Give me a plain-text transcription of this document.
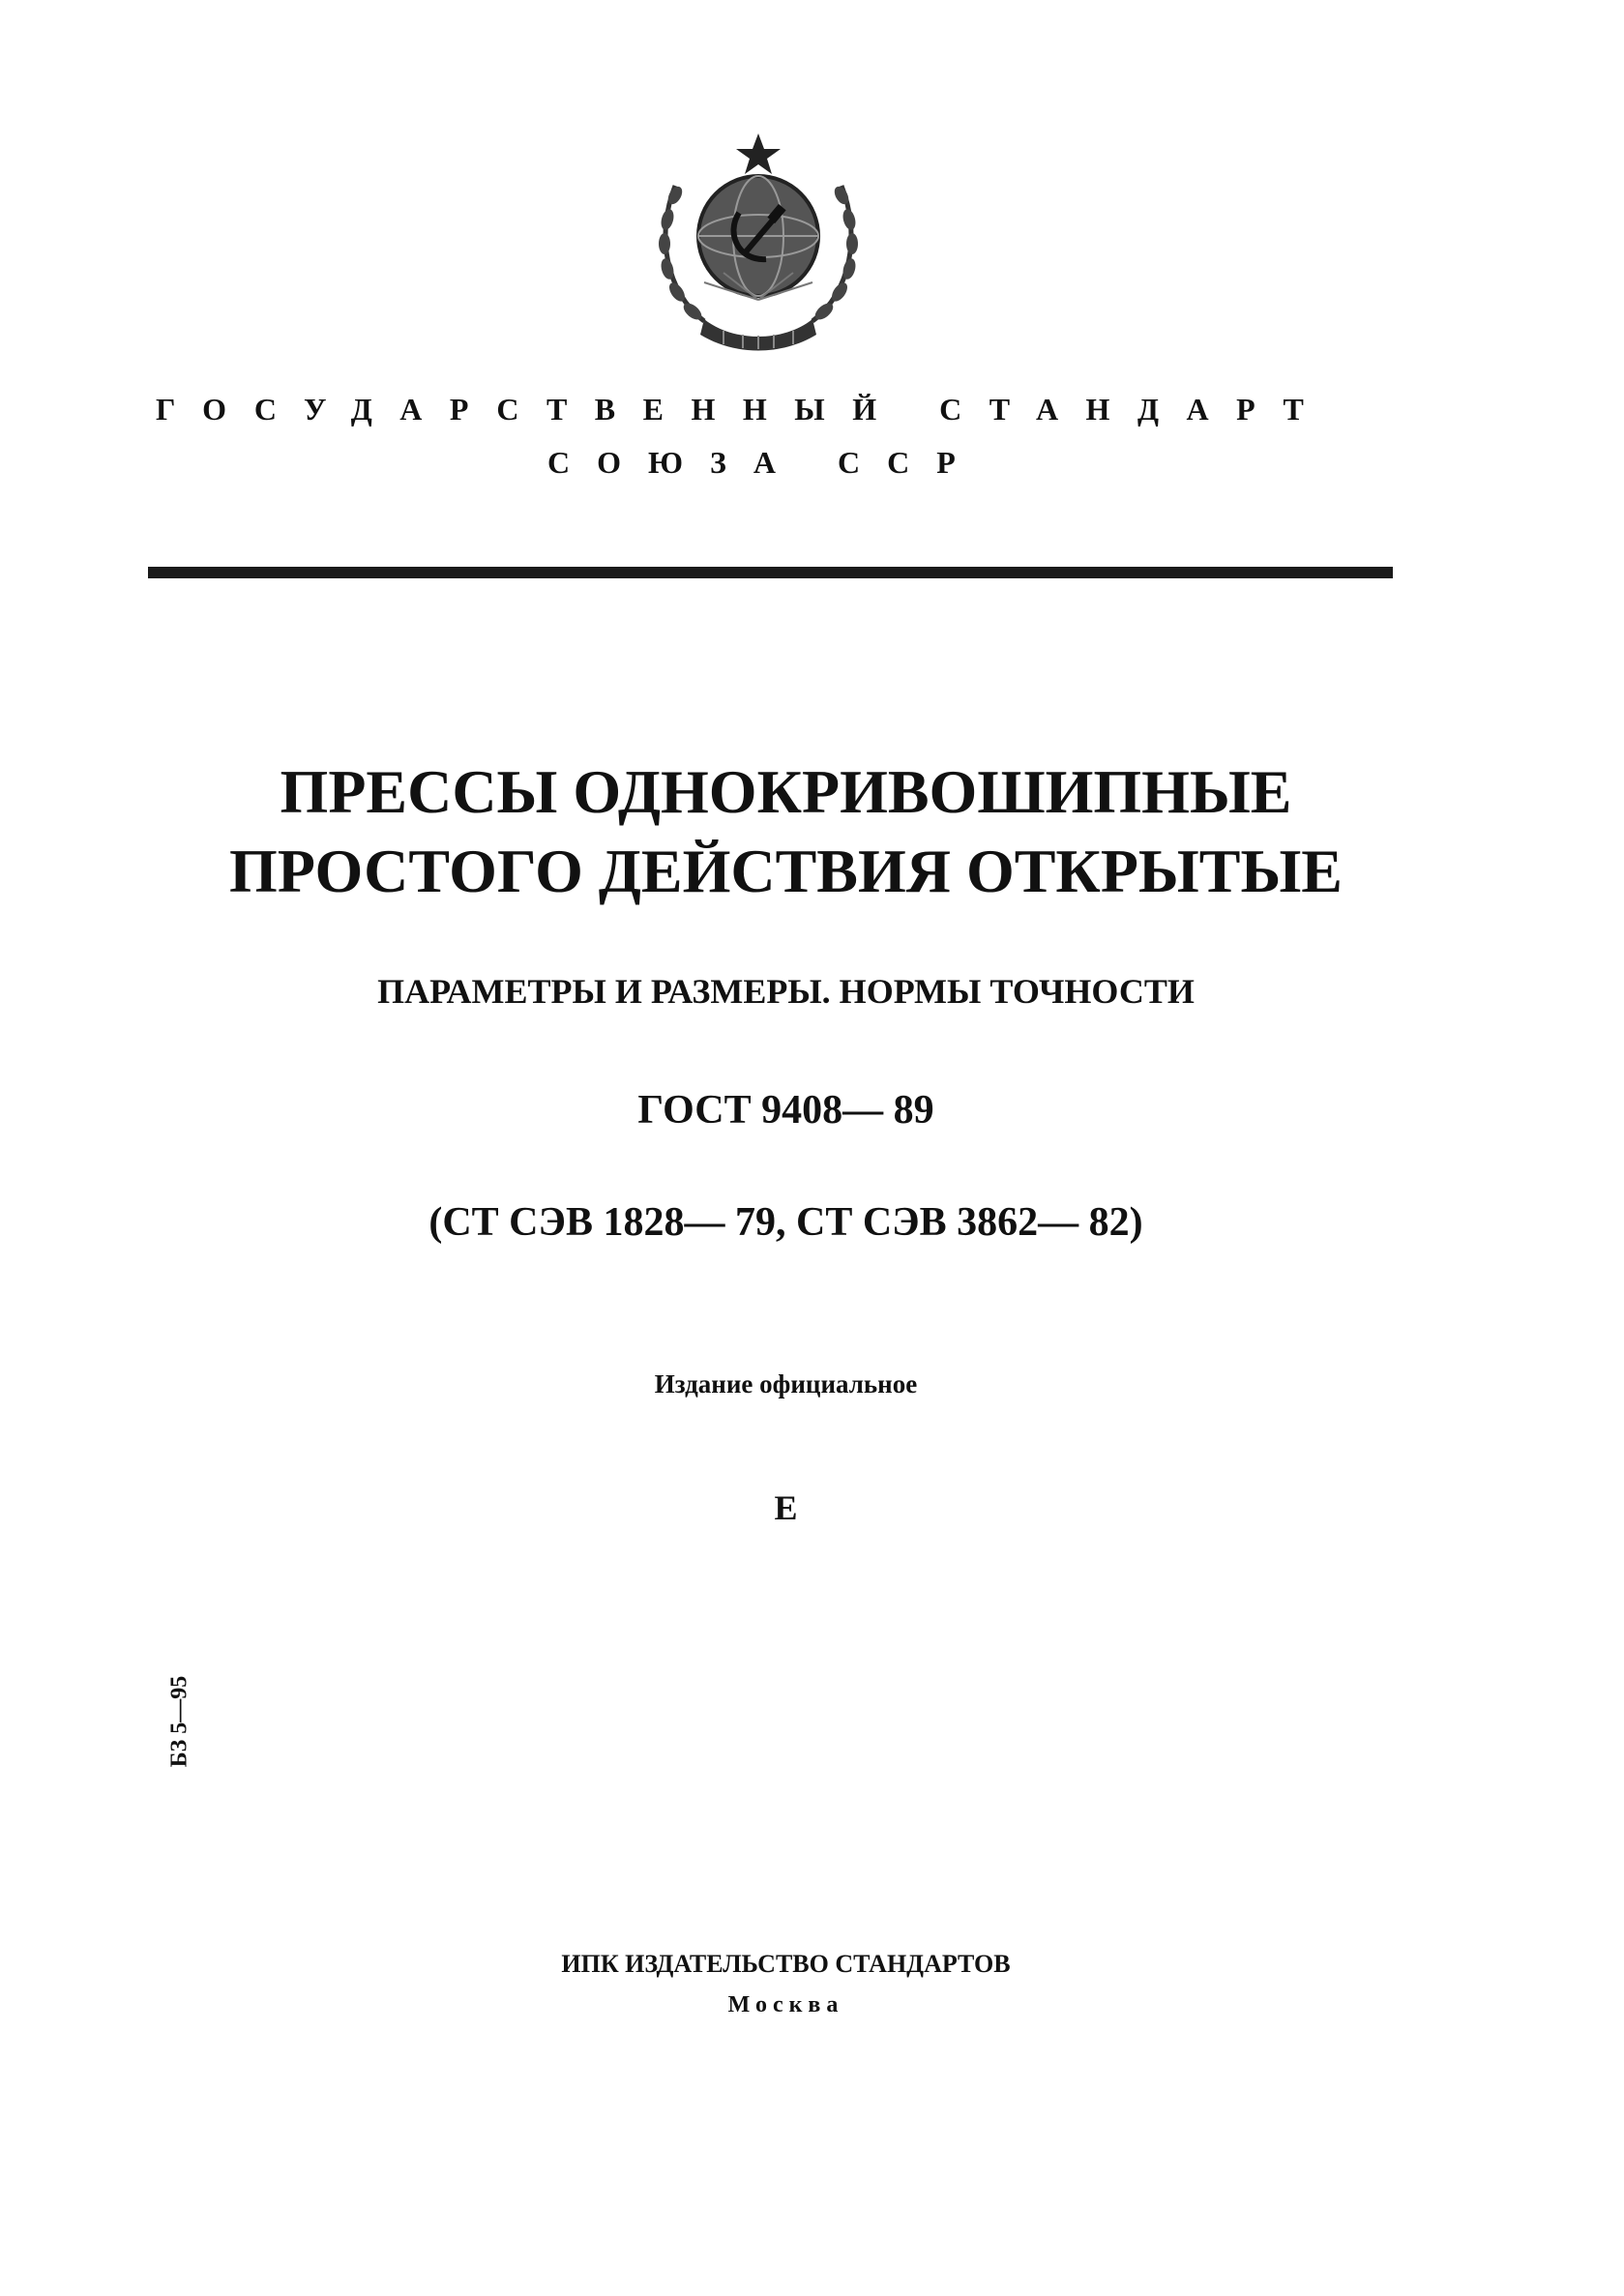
ГОСУДАРСТВЕННЫЙ СТАНДАРТ
СОЮЗА ССР
ПРЕССЫ ОДНОКРИВОШИПНЫЕ
ПРОСТОГО ДЕЙСТВИЯ ОТКРЫТЫЕ
ПАРАМЕТРЫ И РАЗМЕРЫ. НОРМЫ ТОЧНОСТИ
ГОСТ 9408— 89
(СТ СЭВ 1828— 79, СТ СЭВ 3862— 82)
Издание официальное
Е
БЗ 5—95
ИПК ИЗДАТЕЛЬСТВО СТАНДАРТОВ
Москва
